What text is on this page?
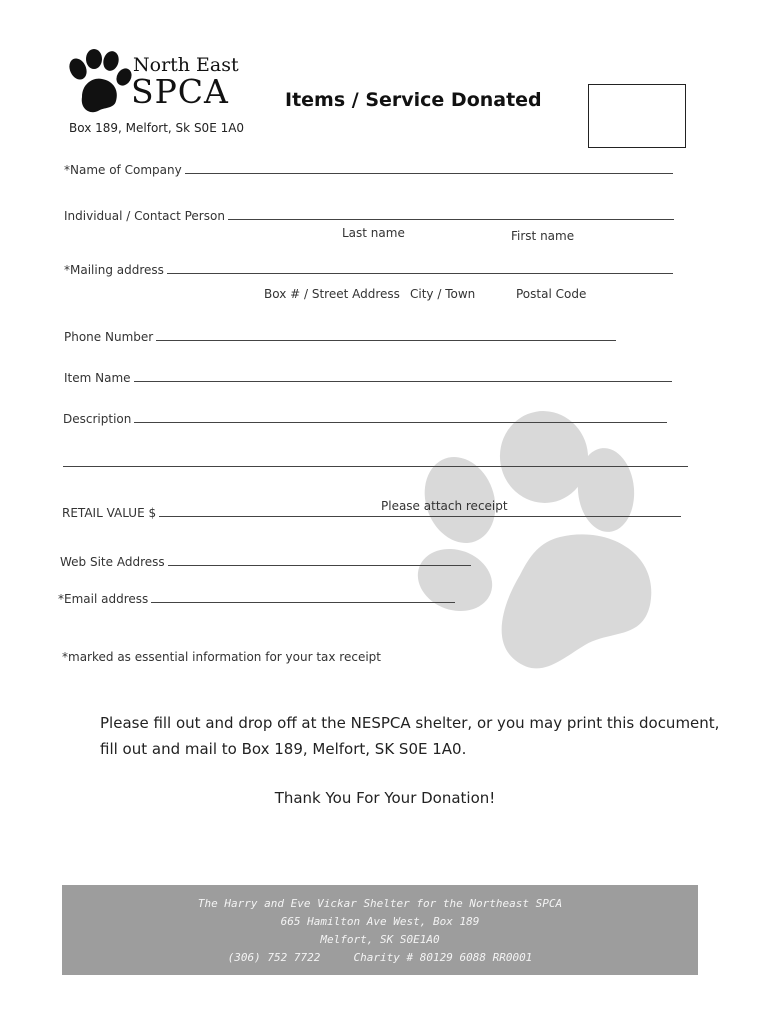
North East
SPCA
Box 189, Melfort, Sk S0E 1A0
Items / Service Donated
*Name of Company
Individual / Contact Person
Last name	First name
*Mailing address
Box # / Street Address City / Town	Postal Code
Phone Number
Item Name
Description
Please attach receipt
RETAIL VALUE $
Web Site Address
*Email address
*marked as essential information for your tax receipt
Please fill out and drop off at the NESPCA shelter, or you may print this document,
fill out and mail to Box 189, Melfort, SK S0E 1A0.
Thank You For Your Donation!
The Harry and Eve Vickar Shelter for the Northeast SPCA
665 Hamilton Ave West, Box 189
Melfort, SK S0E1A0
(306) 752 7722     Charity # 80129 6088 RR0001
